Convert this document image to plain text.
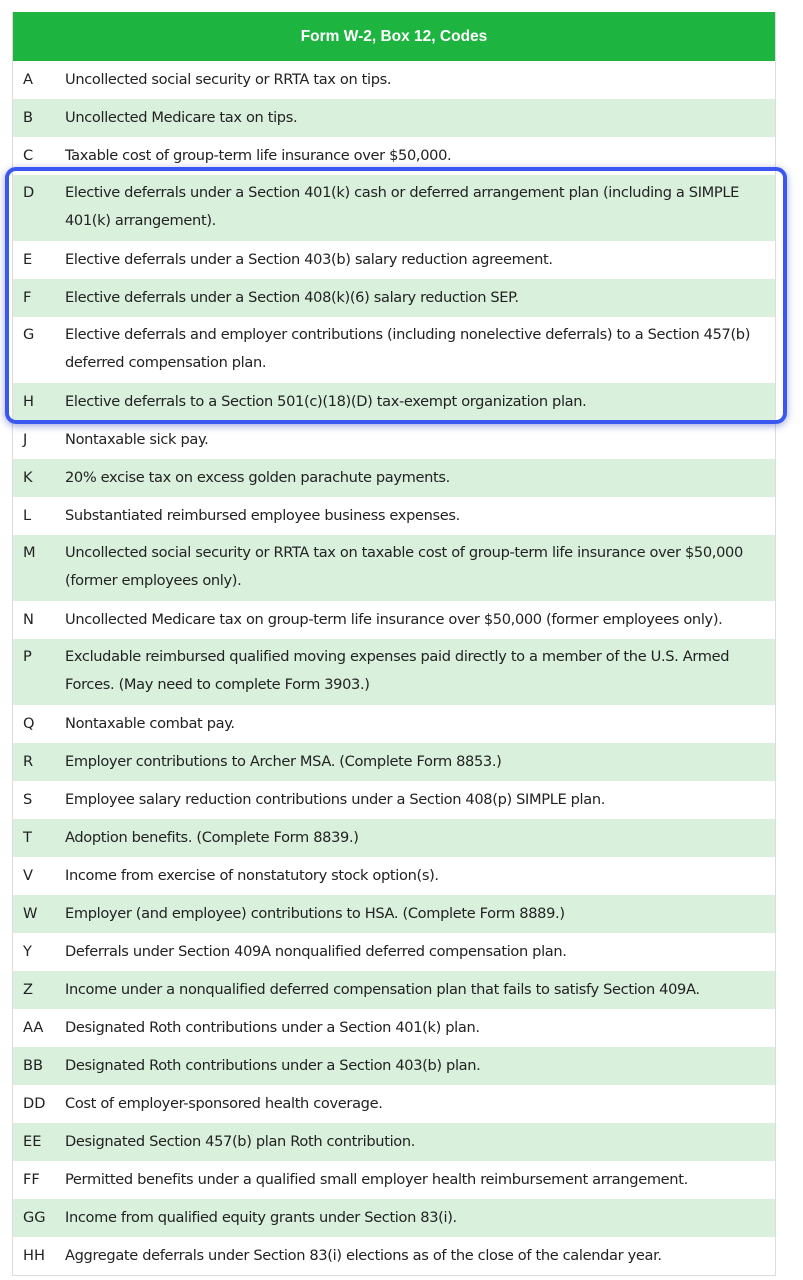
Form W-2, Box 12, Codes
A	Uncollected social security or RRTA tax on tips.
B	Uncollected Medicare tax on tips.
C	Taxable cost of group-term life insurance over $50,000.
D	Elective deferrals under a Section 401(k) cash or deferred arrangement plan (including a SIMPLE 401(k) arrangement).
E	Elective deferrals under a Section 403(b) salary reduction agreement.
F	Elective deferrals under a Section 408(k)(6) salary reduction SEP.
G	Elective deferrals and employer contributions (including nonelective deferrals) to a Section 457(b) deferred compensation plan.
H	Elective deferrals to a Section 501(c)(18)(D) tax-exempt organization plan.
J	Nontaxable sick pay.
K	20% excise tax on excess golden parachute payments.
L	Substantiated reimbursed employee business expenses.
M	Uncollected social security or RRTA tax on taxable cost of group-term life insurance over $50,000 (former employees only).
N	Uncollected Medicare tax on group-term life insurance over $50,000 (former employees only).
P	Excludable reimbursed qualified moving expenses paid directly to a member of the U.S. Armed Forces. (May need to complete Form 3903.)
Q	Nontaxable combat pay.
R	Employer contributions to Archer MSA. (Complete Form 8853.)
S	Employee salary reduction contributions under a Section 408(p) SIMPLE plan.
T	Adoption benefits. (Complete Form 8839.)
V	Income from exercise of nonstatutory stock option(s).
W	Employer (and employee) contributions to HSA. (Complete Form 8889.)
Y	Deferrals under Section 409A nonqualified deferred compensation plan.
Z	Income under a nonqualified deferred compensation plan that fails to satisfy Section 409A.
AA	Designated Roth contributions under a Section 401(k) plan.
BB	Designated Roth contributions under a Section 403(b) plan.
DD	Cost of employer-sponsored health coverage.
EE	Designated Section 457(b) plan Roth contribution.
FF	Permitted benefits under a qualified small employer health reimbursement arrangement.
GG	Income from qualified equity grants under Section 83(i).
HH	Aggregate deferrals under Section 83(i) elections as of the close of the calendar year.
